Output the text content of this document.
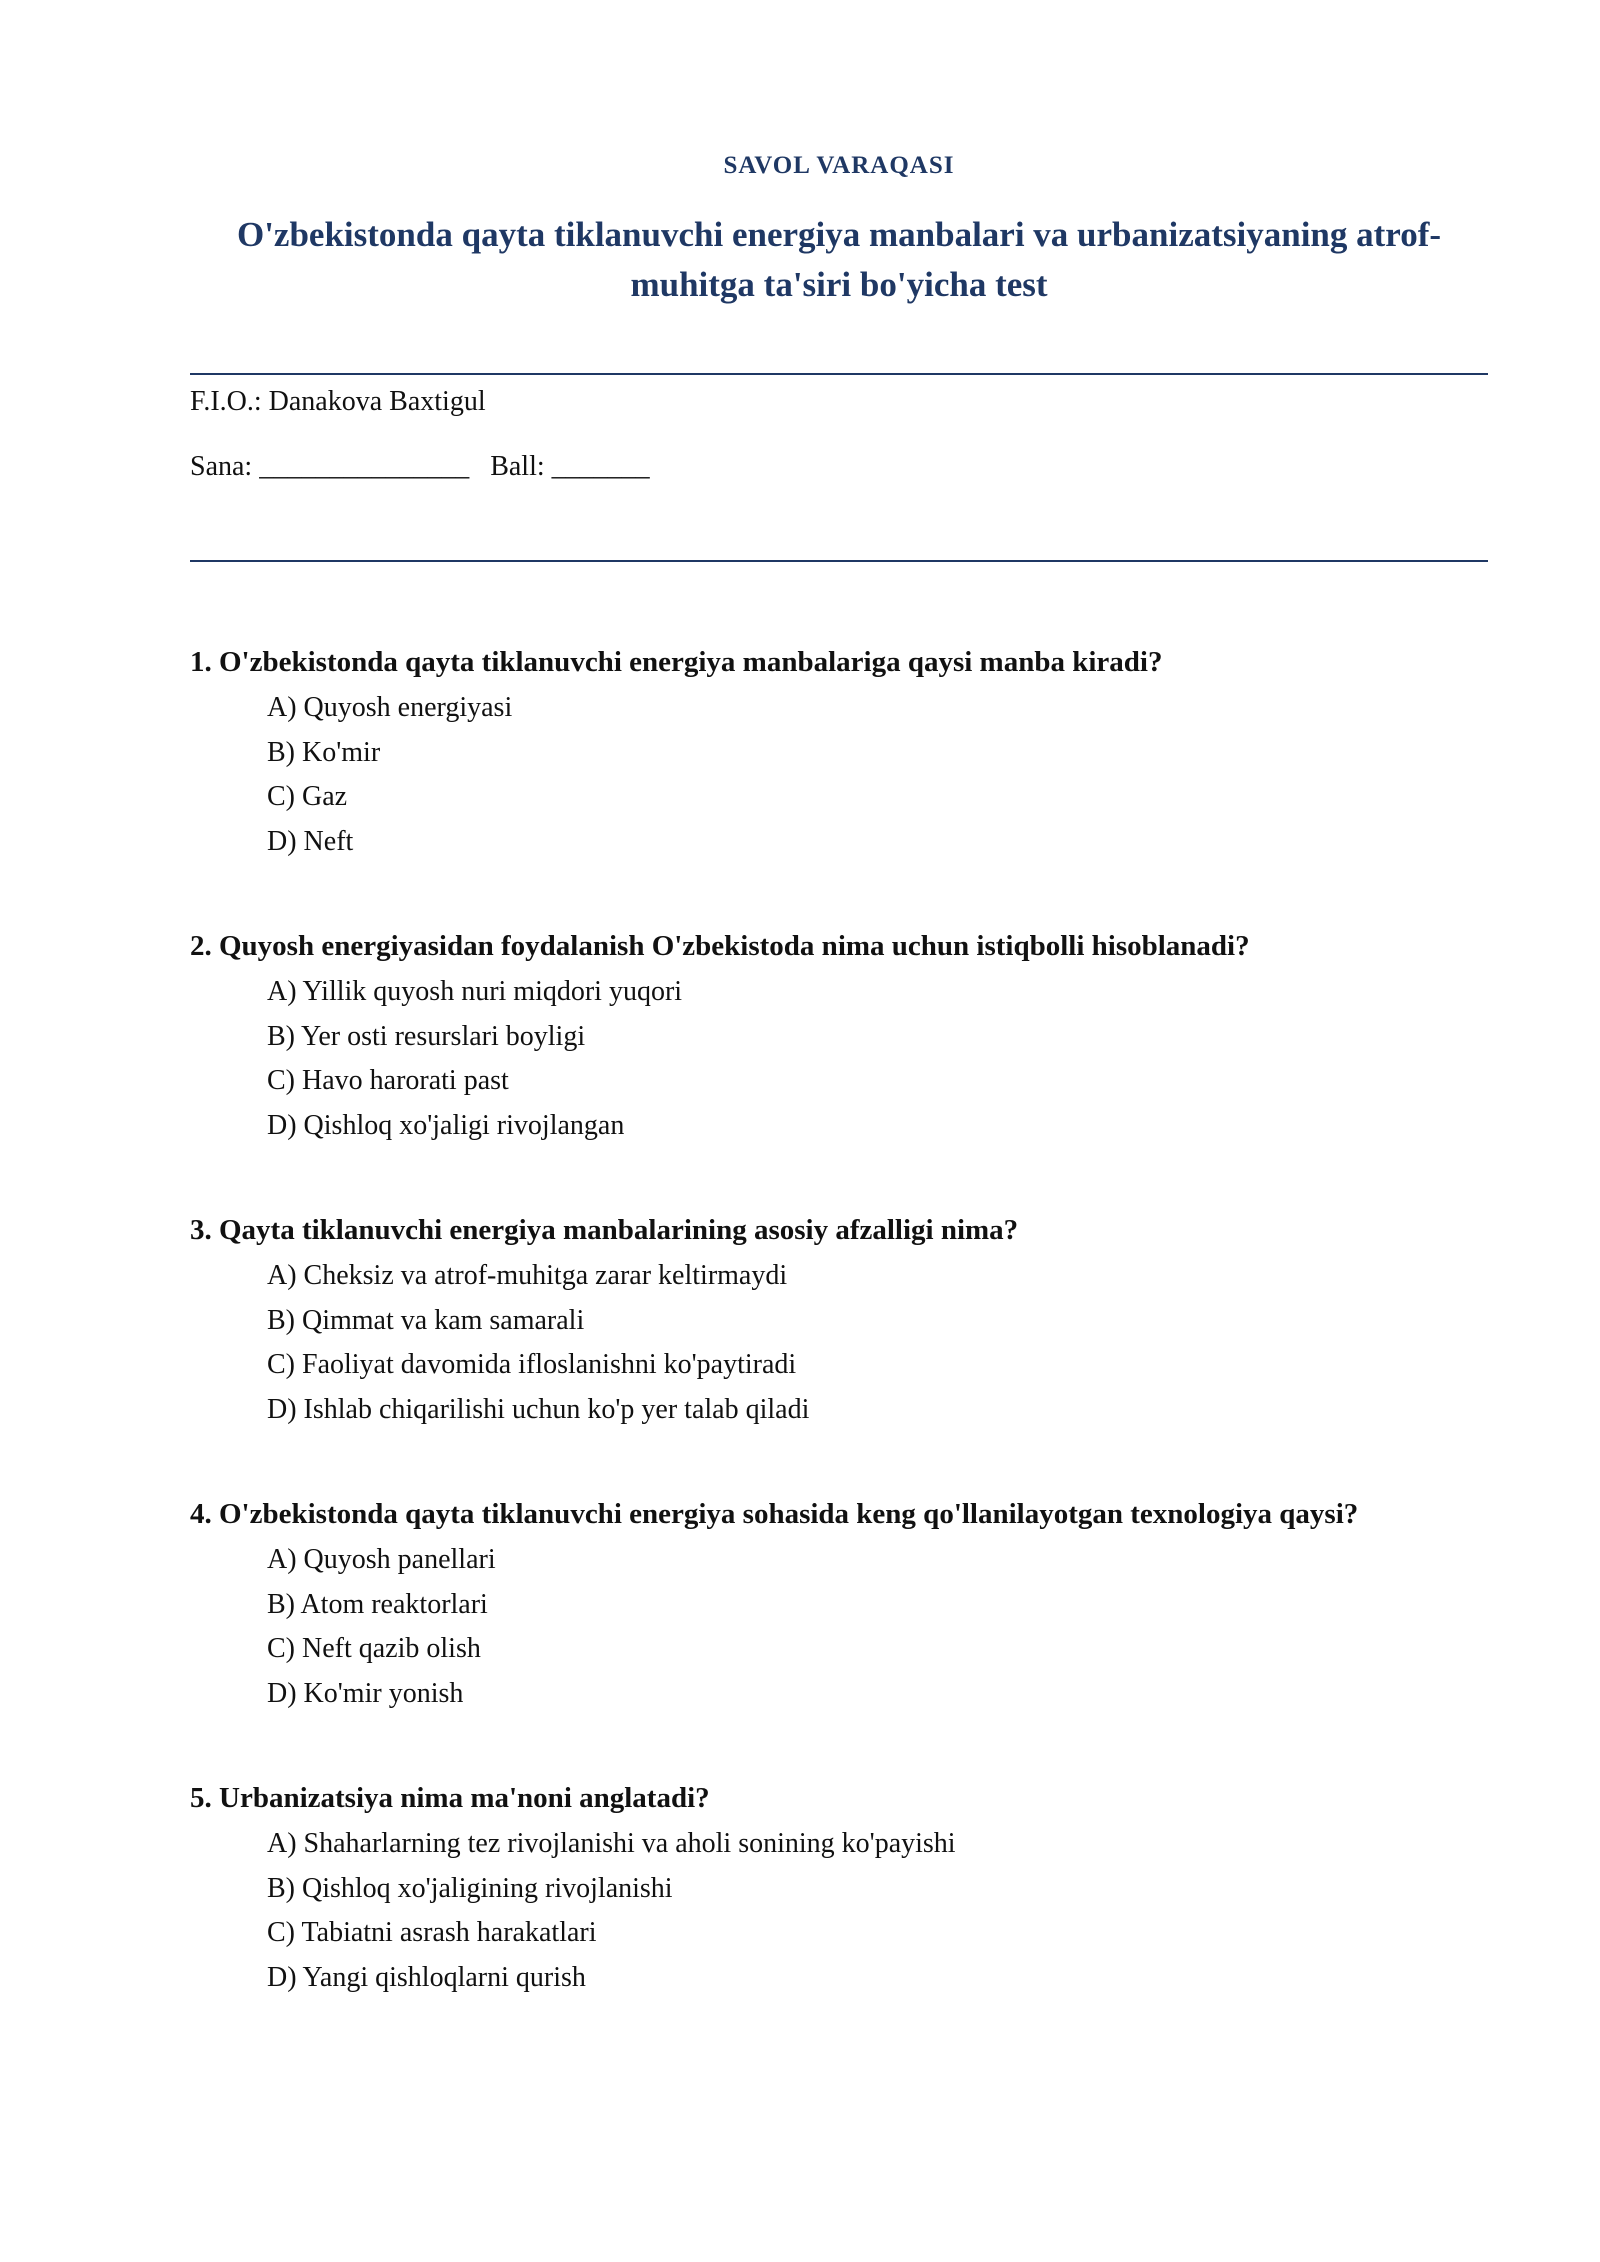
SAVOL VARAQASI
O'zbekistonda qayta tiklanuvchi energiya manbalari va urbanizatsiyaning atrof-muhitga ta'siri bo'yicha test
F.I.O.: Danakova Baxtigul
Sana: _______________   Ball: _______
1. O'zbekistonda qayta tiklanuvchi energiya manbalariga qaysi manba kiradi?
A) Quyosh energiyasi
B) Ko'mir
C) Gaz
D) Neft
2. Quyosh energiyasidan foydalanish O'zbekistoda nima uchun istiqbolli hisoblanadi?
A) Yillik quyosh nuri miqdori yuqori
B) Yer osti resurslari boyligi
C) Havo harorati past
D) Qishloq xo'jaligi rivojlangan
3. Qayta tiklanuvchi energiya manbalarining asosiy afzalligi nima?
A) Cheksiz va atrof-muhitga zarar keltirmaydi
B) Qimmat va kam samarali
C) Faoliyat davomida ifloslanishni ko'paytiradi
D) Ishlab chiqarilishi uchun ko'p yer talab qiladi
4. O'zbekistonda qayta tiklanuvchi energiya sohasida keng qo'llanilayotgan texnologiya qaysi?
A) Quyosh panellari
B) Atom reaktorlari
C) Neft qazib olish
D) Ko'mir yonish
5. Urbanizatsiya nima ma'noni anglatadi?
A) Shaharlarning tez rivojlanishi va aholi sonining ko'payishi
B) Qishloq xo'jaligining rivojlanishi
C) Tabiatni asrash harakatlari
D) Yangi qishloqlarni qurish
